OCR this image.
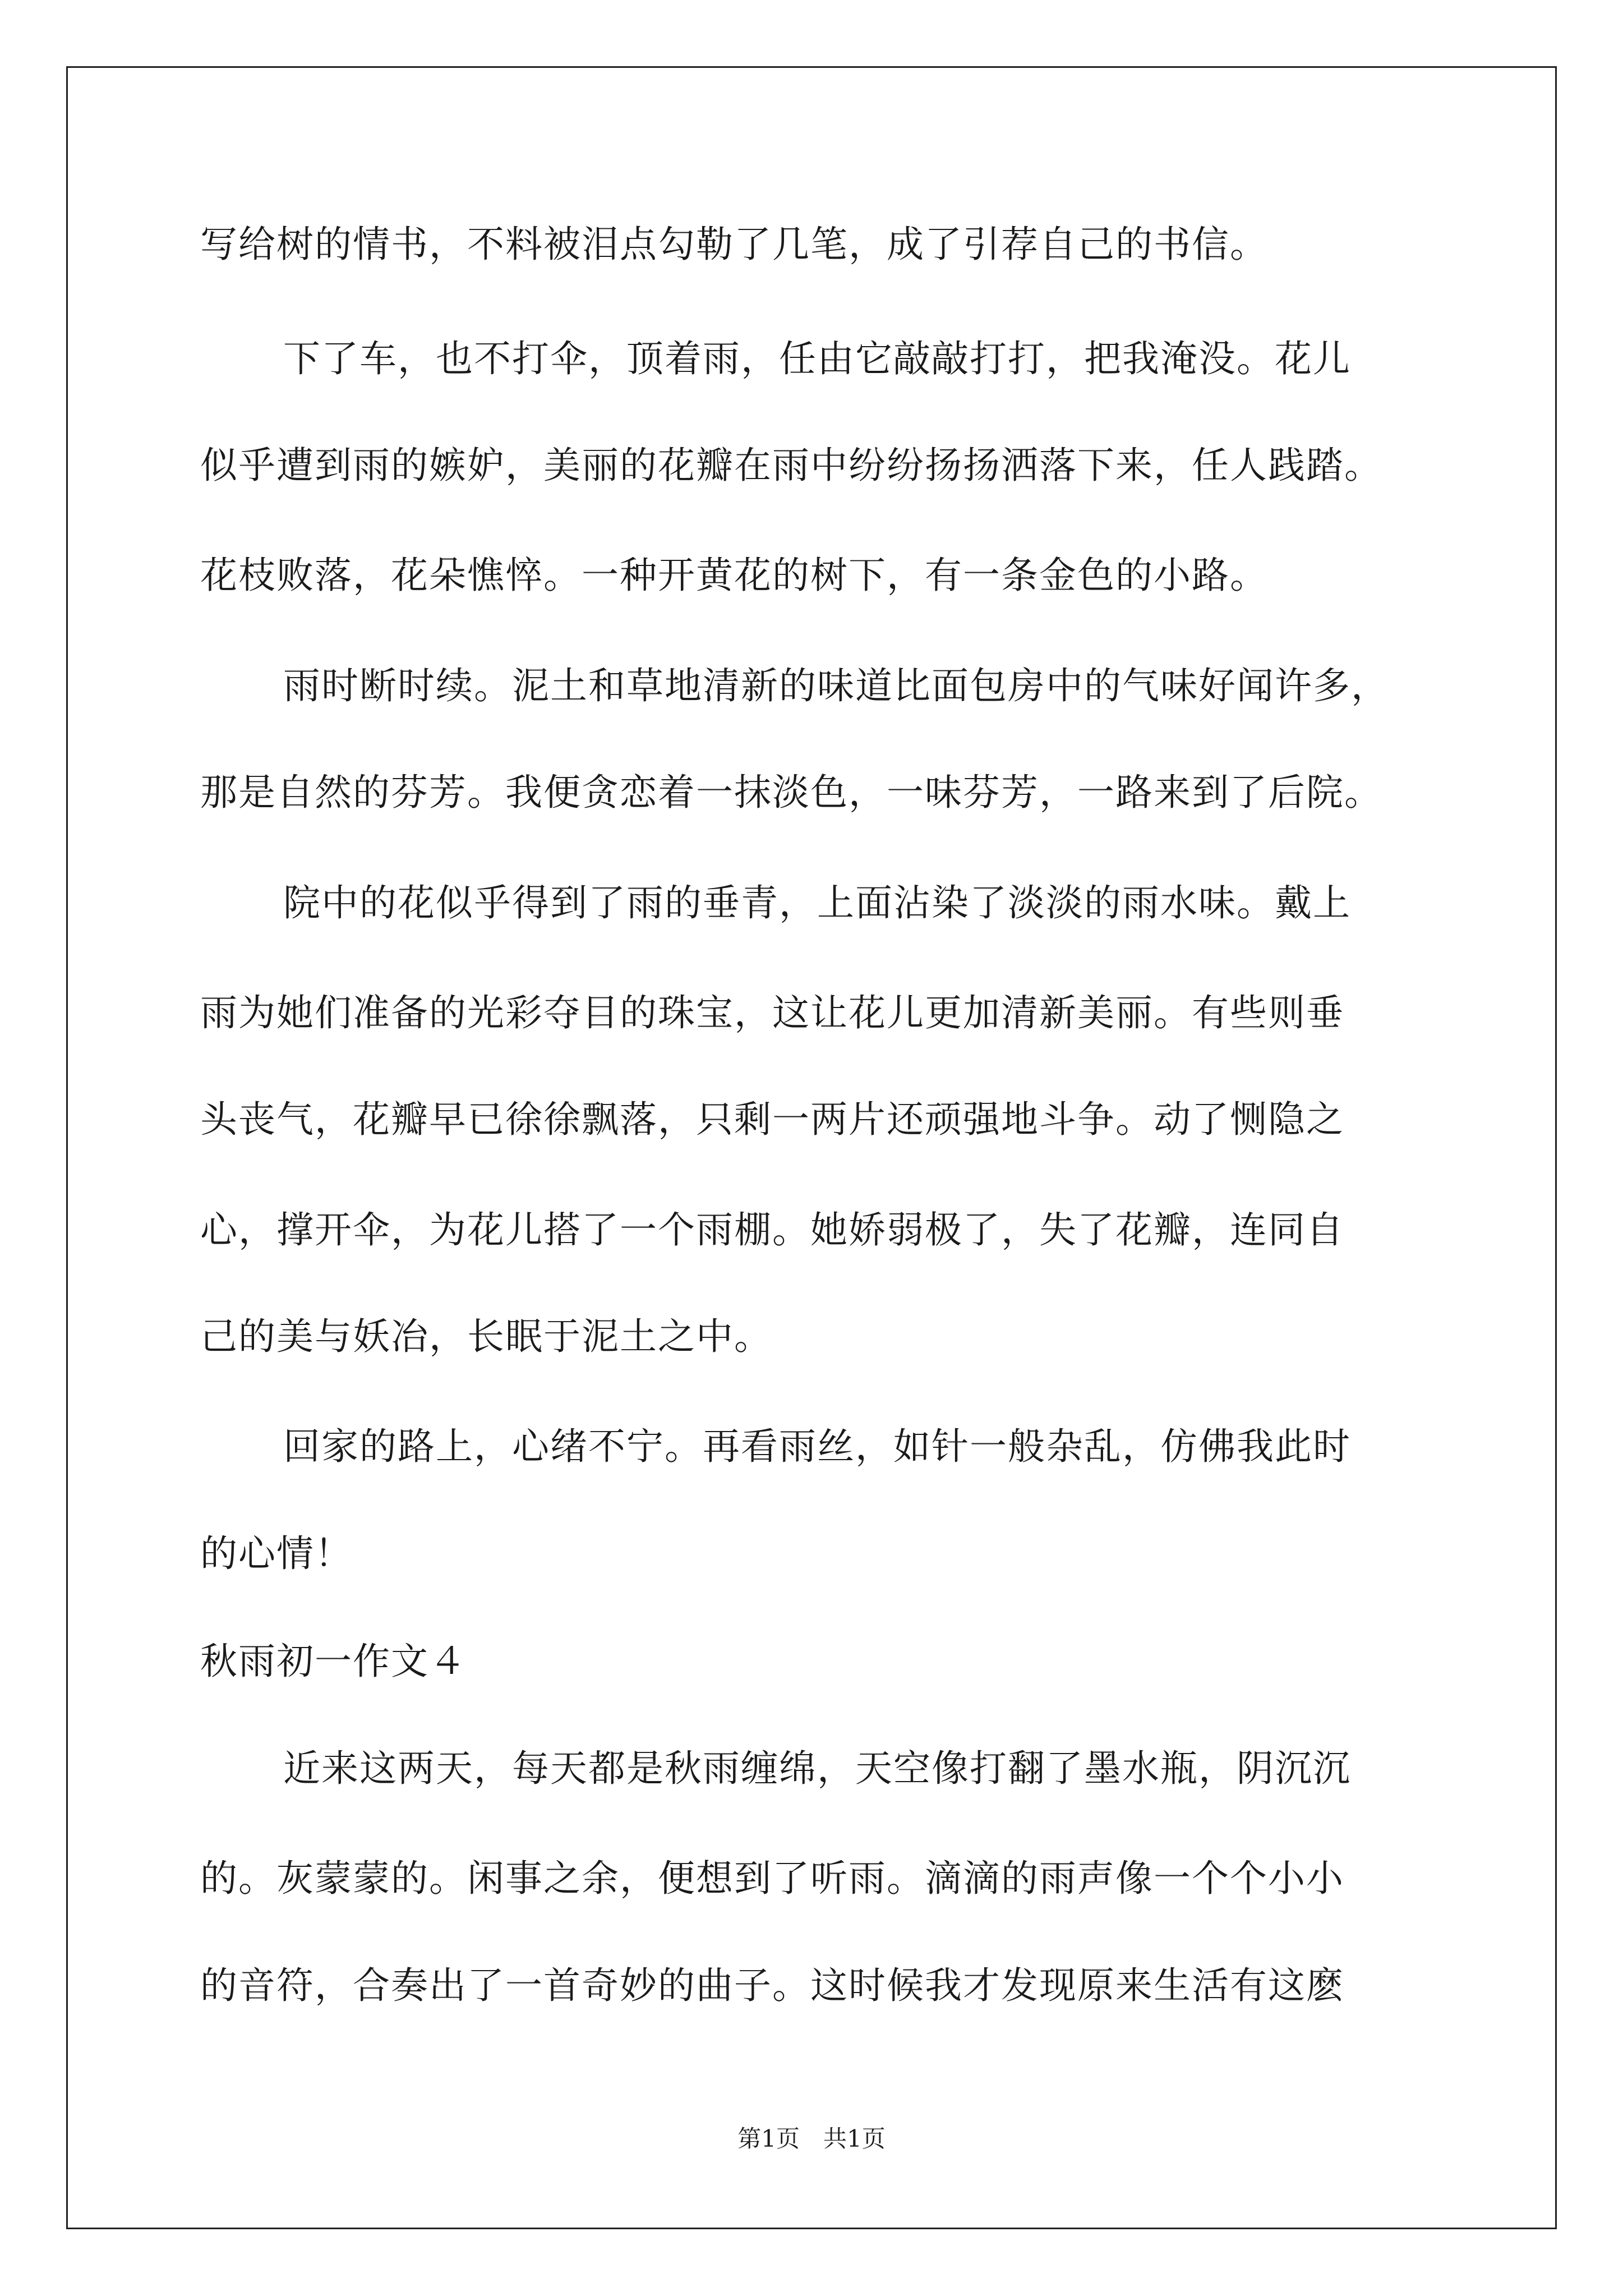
写给树的情书，不料被泪点勾勒了几笔，成了引荐自己的书信。
下了车，也不打伞，顶着雨，任由它敲敲打打，把我淹没。花儿
似乎遭到雨的嫉妒，美丽的花瓣在雨中纷纷扬扬洒落下来，任人践踏。
花枝败落，花朵憔悴。一种开黄花的树下，有一条金色的小路。
雨时断时续。泥土和草地清新的味道比面包房中的气味好闻许多，
那是自然的芬芳。我便贪恋着一抹淡色，一味芬芳，一路来到了后院。
院中的花似乎得到了雨的垂青，上面沾染了淡淡的雨水味。戴上
雨为她们准备的光彩夺目的珠宝，这让花儿更加清新美丽。有些则垂
头丧气，花瓣早已徐徐飘落，只剩一两片还顽强地斗争。动了恻隐之
心，撑开伞，为花儿搭了一个雨棚。她娇弱极了，失了花瓣，连同自
己的美与妖冶，长眠于泥土之中。
回家的路上，心绪不宁。再看雨丝，如针一般杂乱，仿佛我此时
的心情！
秋雨初一作文４
近来这两天，每天都是秋雨缠绵，天空像打翻了墨水瓶，阴沉沉
的。灰蒙蒙的。闲事之余，便想到了听雨。滴滴的雨声像一个个小小
的音符，合奏出了一首奇妙的曲子。这时候我才发现原来生活有这麽
第1页　共1页
